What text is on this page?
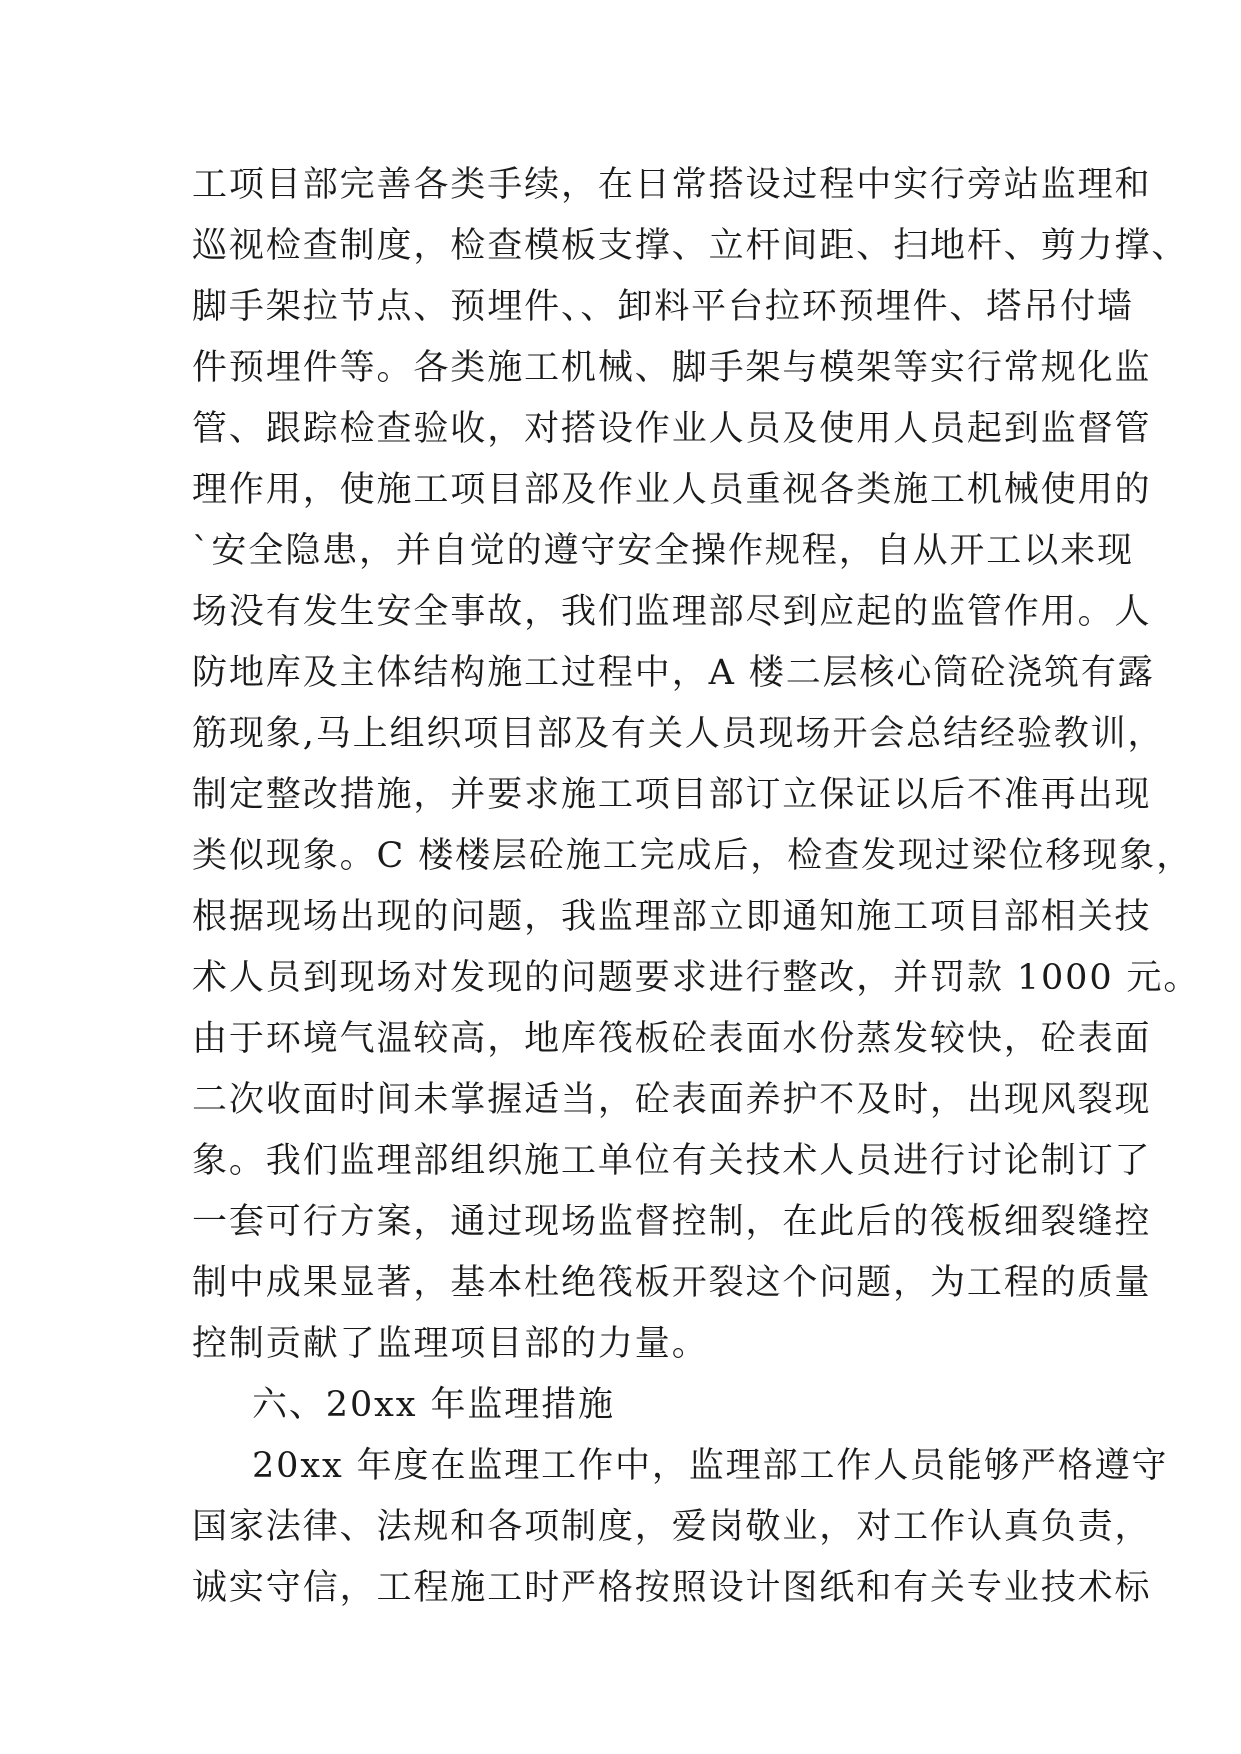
工项目部完善各类手续，在日常搭设过程中实行旁站监理和
巡视检查制度，检查模板支撑、立杆间距、扫地杆、剪力撑、
脚手架拉节点、预埋件、、卸料平台拉环预埋件、塔吊付墙
件预埋件等。各类施工机械、脚手架与模架等实行常规化监
管、跟踪检查验收，对搭设作业人员及使用人员起到监督管
理作用，使施工项目部及作业人员重视各类施工机械使用的
`安全隐患，并自觉的遵守安全操作规程，自从开工以来现
场没有发生安全事故，我们监理部尽到应起的监管作用。人
防地库及主体结构施工过程中，A 楼二层核心筒砼浇筑有露
筋现象,马上组织项目部及有关人员现场开会总结经验教训，
制定整改措施，并要求施工项目部订立保证以后不准再出现
类似现象。C 楼楼层砼施工完成后，检查发现过梁位移现象，
根据现场出现的问题，我监理部立即通知施工项目部相关技
术人员到现场对发现的问题要求进行整改，并罚款 1000 元。
由于环境气温较高，地库筏板砼表面水份蒸发较快，砼表面
二次收面时间未掌握适当，砼表面养护不及时，出现风裂现
象。我们监理部组织施工单位有关技术人员进行讨论制订了
一套可行方案，通过现场监督控制，在此后的筏板细裂缝控
制中成果显著，基本杜绝筏板开裂这个问题，为工程的质量
控制贡献了监理项目部的力量。
六、20xx 年监理措施
20xx 年度在监理工作中，监理部工作人员能够严格遵守
国家法律、法规和各项制度，爱岗敬业，对工作认真负责，
诚实守信，工程施工时严格按照设计图纸和有关专业技术标
